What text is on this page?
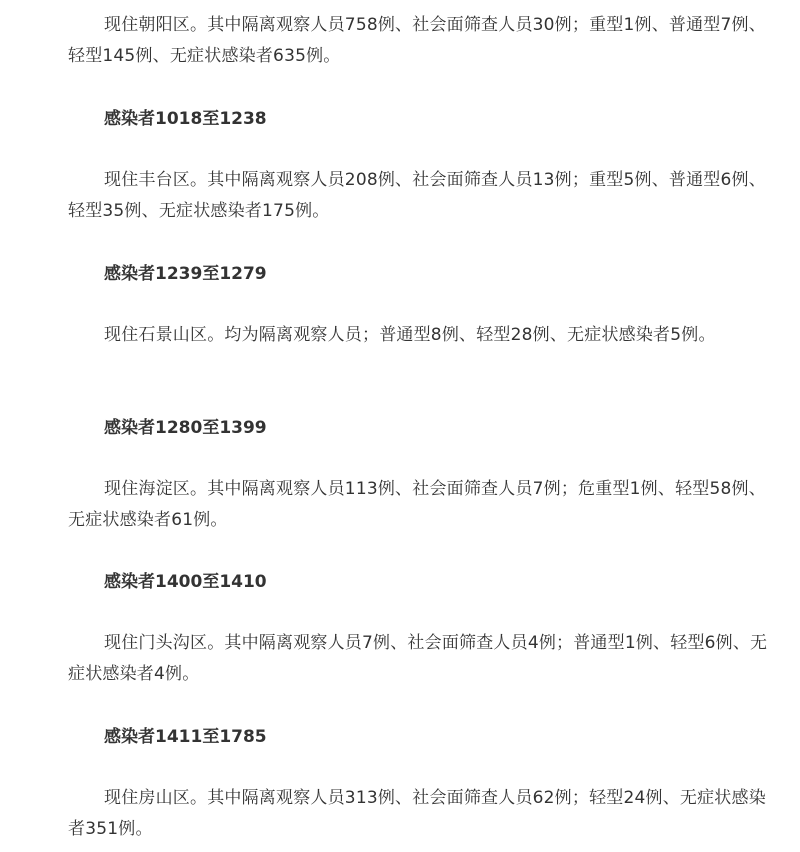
现住朝阳区。其中隔离观察人员758例、社会面筛查人员30例；重型1例、普通型7例、轻型145例、无症状感染者635例。

感染者1018至1238

现住丰台区。其中隔离观察人员208例、社会面筛查人员13例；重型5例、普通型6例、轻型35例、无症状感染者175例。

感染者1239至1279

现住石景山区。均为隔离观察人员；普通型8例、轻型28例、无症状感染者5例。

感染者1280至1399

现住海淀区。其中隔离观察人员113例、社会面筛查人员7例；危重型1例、轻型58例、无症状感染者61例。

感染者1400至1410

现住门头沟区。其中隔离观察人员7例、社会面筛查人员4例；普通型1例、轻型6例、无症状感染者4例。

感染者1411至1785

现住房山区。其中隔离观察人员313例、社会面筛查人员62例；轻型24例、无症状感染者351例。
